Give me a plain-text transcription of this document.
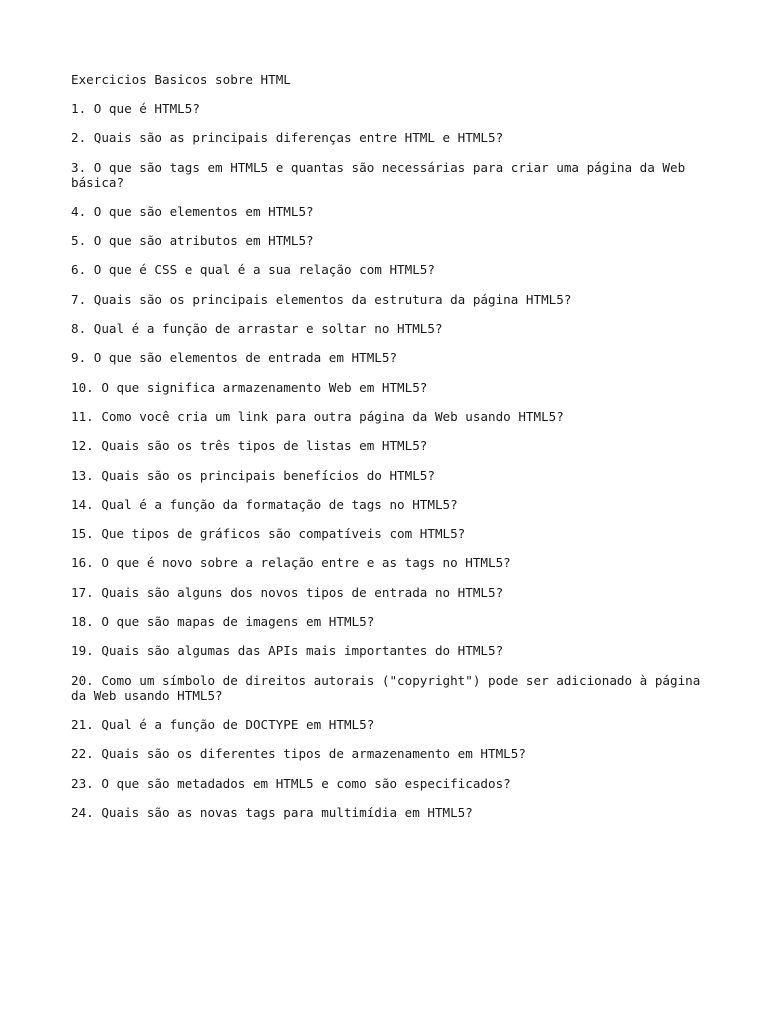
Exercicios Basicos sobre HTML
1. O que é HTML5?
2. Quais são as principais diferenças entre HTML e HTML5?
3. O que são tags em HTML5 e quantas são necessárias para criar uma página da Web básica?
4. O que são elementos em HTML5?
5. O que são atributos em HTML5?
6. O que é CSS e qual é a sua relação com HTML5?
7. Quais são os principais elementos da estrutura da página HTML5?
8. Qual é a função de arrastar e soltar no HTML5?
9. O que são elementos de entrada em HTML5?
10. O que significa armazenamento Web em HTML5?
11. Como você cria um link para outra página da Web usando HTML5?
12. Quais são os três tipos de listas em HTML5?
13. Quais são os principais benefícios do HTML5?
14. Qual é a função da formatação de tags no HTML5?
15. Que tipos de gráficos são compatíveis com HTML5?
16. O que é novo sobre a relação entre e as tags no HTML5?
17. Quais são alguns dos novos tipos de entrada no HTML5?
18. O que são mapas de imagens em HTML5?
19. Quais são algumas das APIs mais importantes do HTML5?
20. Como um símbolo de direitos autorais ("copyright") pode ser adicionado à página da Web usando HTML5?
21. Qual é a função de DOCTYPE em HTML5?
22. Quais são os diferentes tipos de armazenamento em HTML5?
23. O que são metadados em HTML5 e como são especificados?
24. Quais são as novas tags para multimídia em HTML5?
